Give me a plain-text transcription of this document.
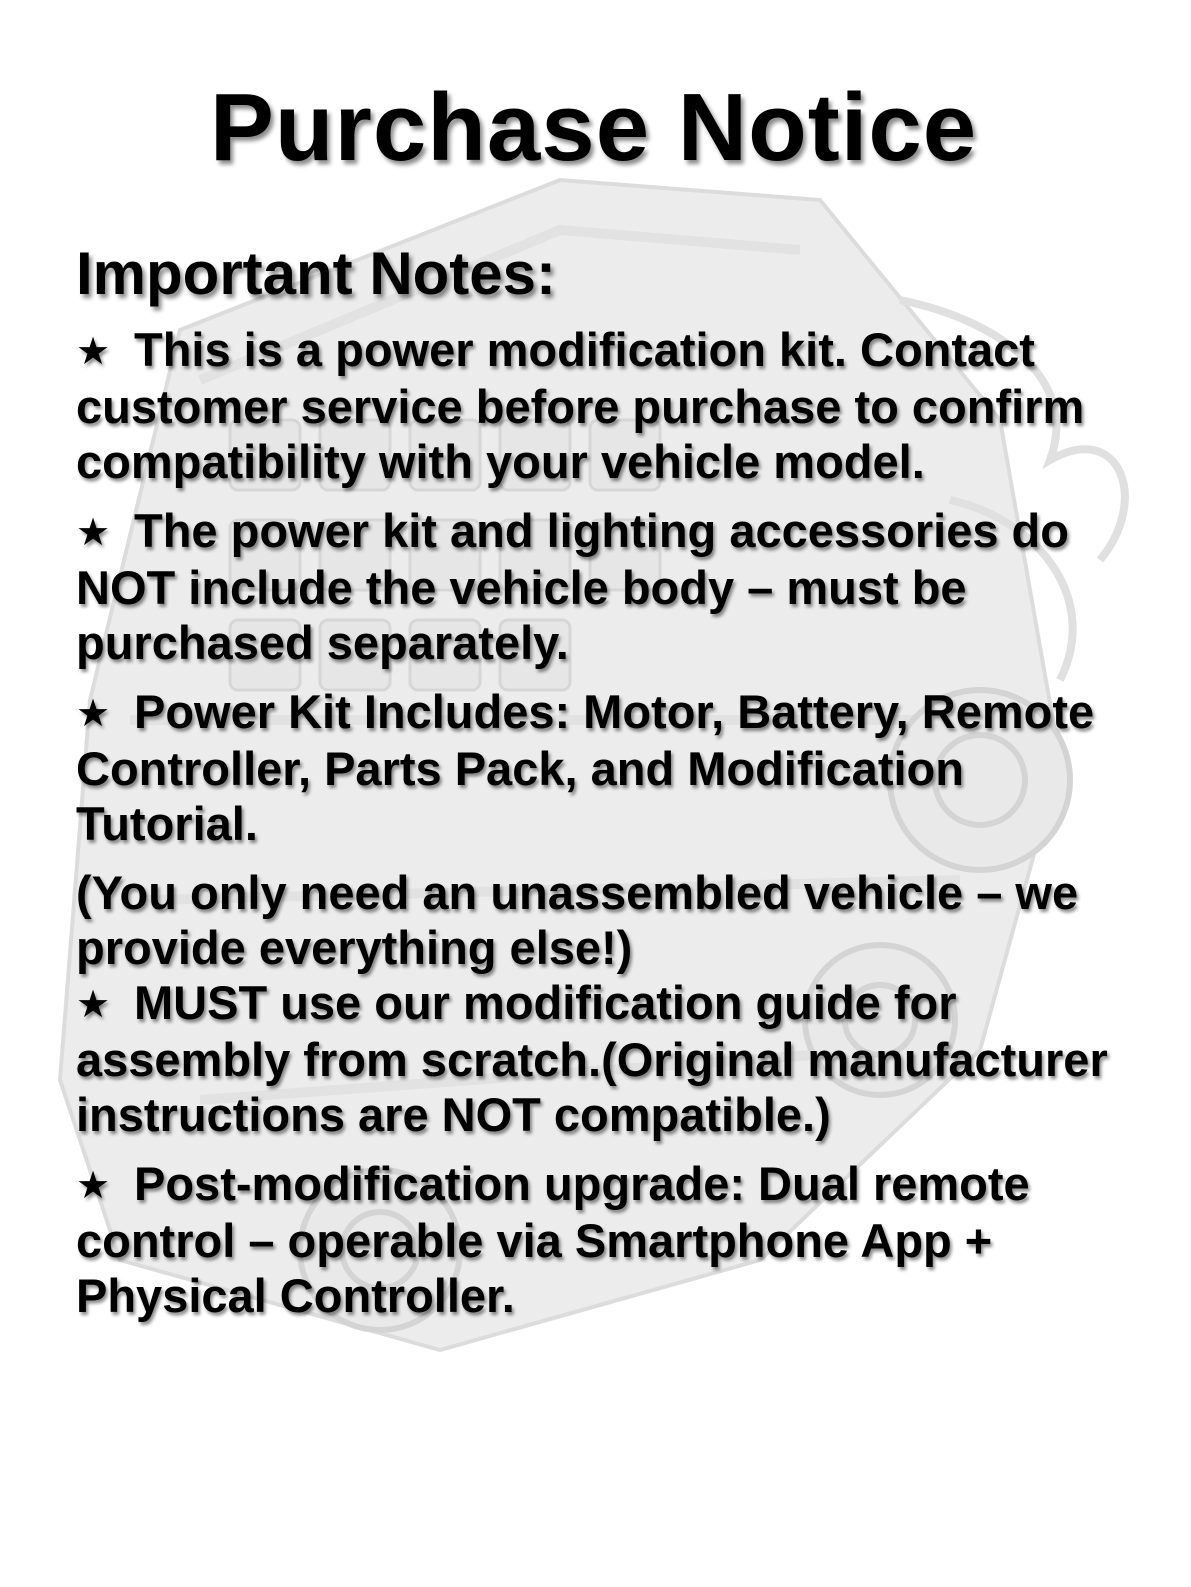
Purchase Notice
Important Notes:

★ This is a power modification kit. Contact customer service before purchase to confirm compatibility with your vehicle model.

★ The power kit and lighting accessories do NOT include the vehicle body – must be purchased separately.

★ Power Kit Includes: Motor, Battery, Remote Controller, Parts Pack, and Modification Tutorial.

(You only need an unassembled vehicle – we provide everything else!)

★ MUST use our modification guide for assembly from scratch.(Original manufacturer instructions are NOT compatible.)

★ Post-modification upgrade: Dual remote control – operable via Smartphone App + Physical Controller.
